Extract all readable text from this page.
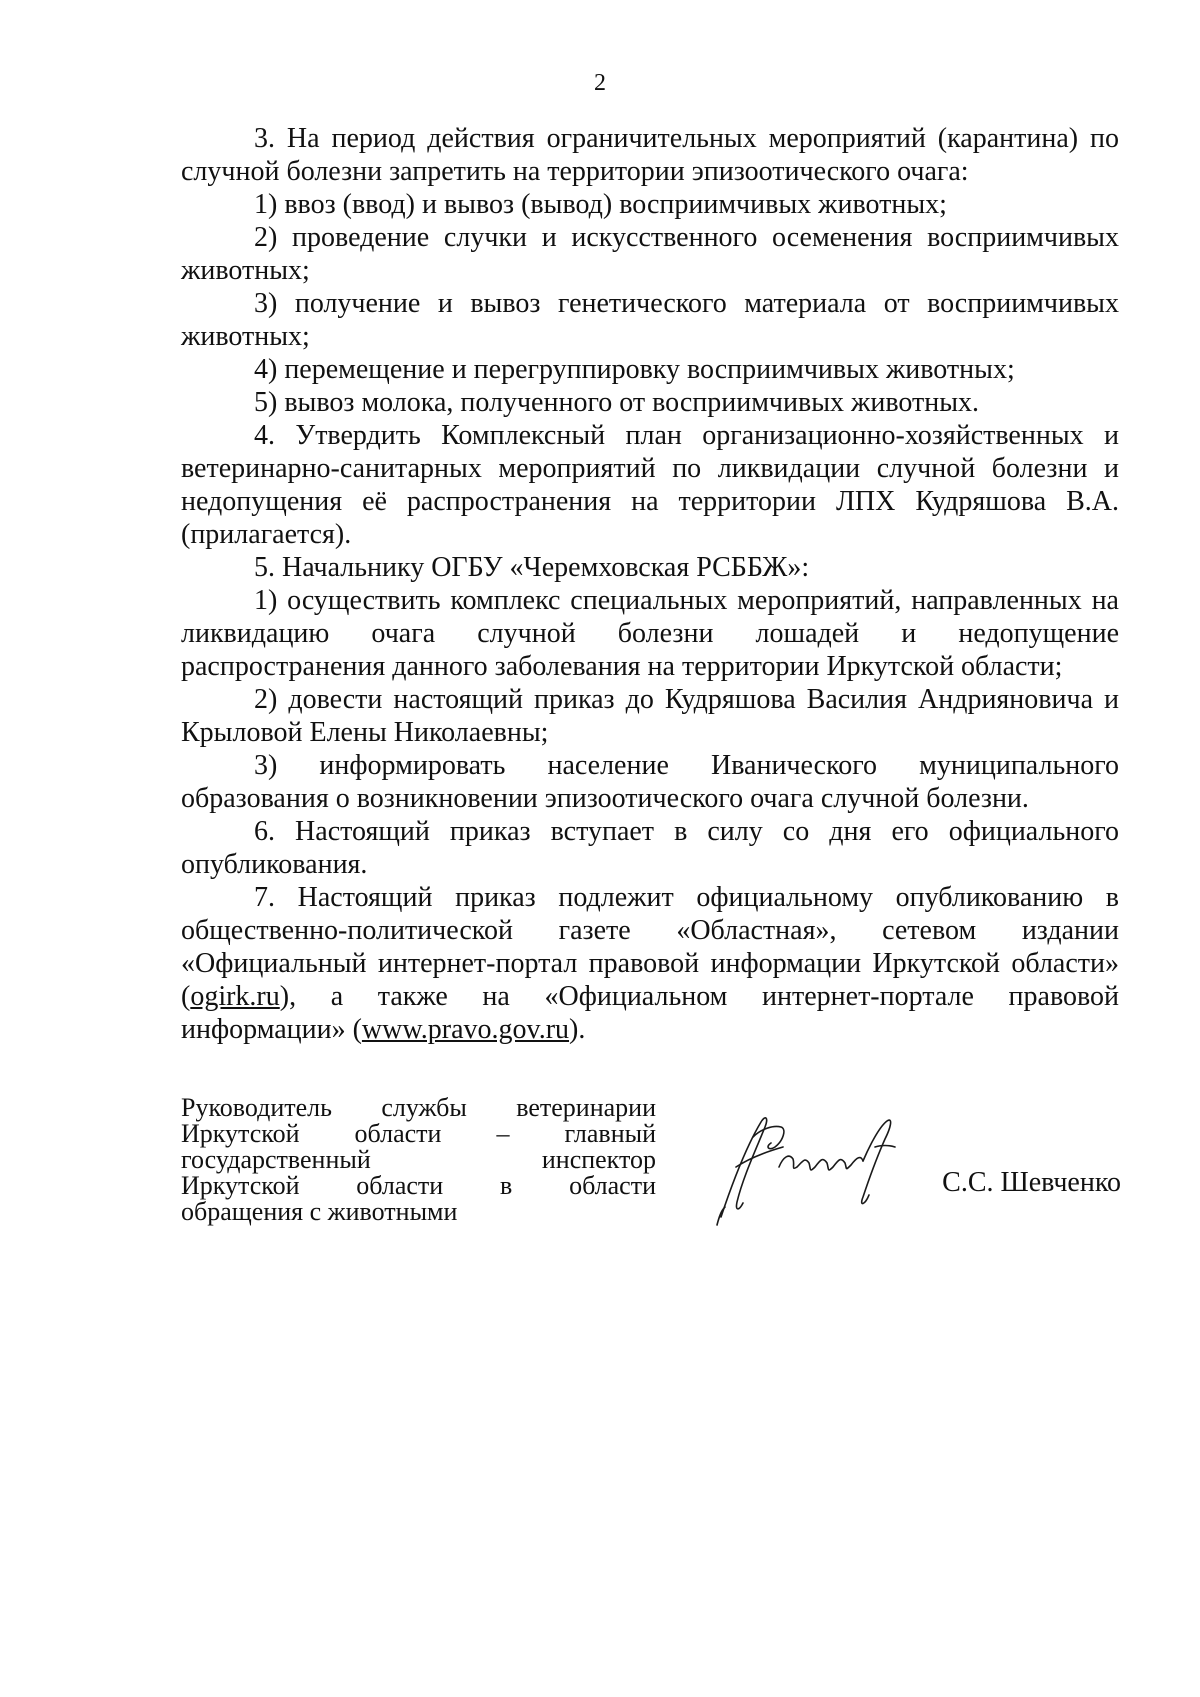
2

3. На период действия ограничительных мероприятий (карантина) по случной болезни запретить на территории эпизоотического очага:

1) ввоз (ввод) и вывоз (вывод) восприимчивых животных;

2) проведение случки и искусственного осеменения восприимчивых животных;

3) получение и вывоз генетического материала от восприимчивых животных;

4) перемещение и перегруппировку восприимчивых животных;

5) вывоз молока, полученного от восприимчивых животных.

4. Утвердить Комплексный план организационно-хозяйственных и ветеринарно-санитарных мероприятий по ликвидации случной болезни и недопущения её распространения на территории ЛПХ Кудряшова В.А. (прилагается).

5. Начальнику ОГБУ «Черемховская РСББЖ»:

1) осуществить комплекс специальных мероприятий, направленных на ликвидацию очага случной болезни лошадей и недопущение распространения данного заболевания на территории Иркутской области;

2) довести настоящий приказ до Кудряшова Василия Андрияновича и Крыловой Елены Николаевны;

3) информировать население Иванического муниципального образования о возникновении эпизоотического очага случной болезни.

6. Настоящий приказ вступает в силу со дня его официального опубликования.

7. Настоящий приказ подлежит официальному опубликованию в общественно-политической газете «Областная», сетевом издании «Официальный интернет-портал правовой информации Иркутской области» (ogirk.ru), а также на «Официальном интернет-портале правовой информации» (www.pravo.gov.ru).

Руководитель службы ветеринарии
Иркутской области – главный
государственный инспектор
Иркутской области в области
обращения с животными
С.С. Шевченко
